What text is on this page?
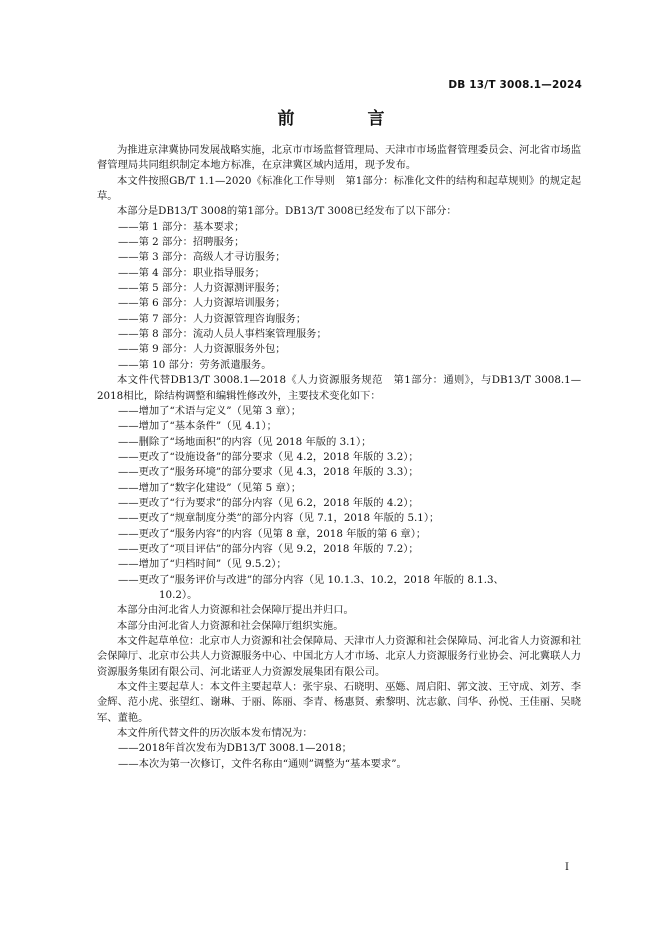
DB 13/T 3008.1—2024
前　言

为推进京津冀协同发展战略实施，北京市市场监督管理局、天津市市场监督管理委员会、河北省市场监督管理局共同组织制定本地方标准，在京津冀区域内适用，现予发布。

本文件按照GB/T 1.1—2020《标准化工作导则　第1部分：标准化文件的结构和起草规则》的规定起草。

本部分是DB13/T 3008的第1部分。DB13/T 3008已经发布了以下部分：

——第 1 部分：基本要求；

——第 2 部分：招聘服务；

——第 3 部分：高级人才寻访服务；

——第 4 部分：职业指导服务；

——第 5 部分：人力资源测评服务；

——第 6 部分：人力资源培训服务；

——第 7 部分：人力资源管理咨询服务；

——第 8 部分：流动人员人事档案管理服务；

——第 9 部分：人力资源服务外包；

——第 10 部分：劳务派遣服务。

本文件代替DB13/T 3008.1—2018《人力资源服务规范　第1部分：通则》，与DB13/T 3008.1—2018相比，除结构调整和编辑性修改外，主要技术变化如下：

——增加了“术语与定义”（见第 3 章）；

——增加了“基本条件”（见 4.1）；

——删除了“场地面积”的内容（见 2018 年版的 3.1）；

——更改了“设施设备”的部分要求（见 4.2，2018 年版的 3.2）；

——更改了“服务环境”的部分要求（见 4.3，2018 年版的 3.3）；

——增加了“数字化建设”（见第 5 章）；

——更改了“行为要求”的部分内容（见 6.2，2018 年版的 4.2）；

——更改了“规章制度分类”的部分内容（见 7.1，2018 年版的 5.1）；

——更改了“服务内容”的内容（见第 8 章，2018 年版的第 6 章）；

——更改了“项目评估”的部分内容（见 9.2，2018 年版的 7.2）；

——增加了“归档时间”（见 9.5.2）；

——更改了“服务评价与改进”的部分内容（见 10.1.3、10.2，2018 年版的 8.1.3、

10.2）。

本部分由河北省人力资源和社会保障厅提出并归口。

本部分由河北省人力资源和社会保障厅组织实施。

本文件起草单位：北京市人力资源和社会保障局、天津市人力资源和社会保障局、河北省人力资源和社会保障厅、北京市公共人力资源服务中心、中国北方人才市场、北京人力资源服务行业协会、河北冀联人力资源服务集团有限公司、河北诺亚人力资源发展集团有限公司。

本文件主要起草人：本文件主要起草人：张宇泉、石晓明、巫嫕、周启阳、郭文波、王守成、刘芳、李金辉、范小虎、张望红、谢琳、于丽、陈丽、李青、杨惠贤、索黎明、沈志歙、闫华、孙悦、王佳丽、吴晓军、董艳。

本文件所代替文件的历次版本发布情况为：

——2018年首次发布为DB13/T 3008.1—2018；

——本次为第一次修订，文件名称由“通则”调整为“基本要求”。

I
